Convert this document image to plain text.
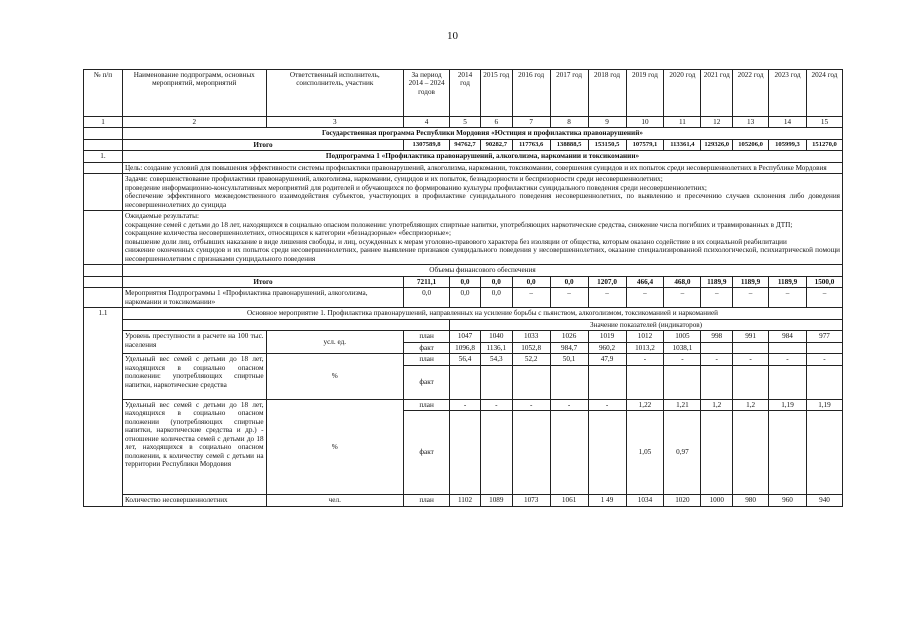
10
№ п/п	Наименование подпрограмм, основных мероприятий, мероприятий	Ответственный исполнитель, соисполнитель, участник	За период 2014 – 2024 годов	2014 год	2015 год	2016 год	2017 год	2018 год	2019 год	2020 год	2021 год	2022 год	2023 год	2024 год
1	2	3	4	5	6	7	8	9	10	11	12	13	14	15
	Государственная программа Республики Мордовия «Юстиция и профилактика правонарушений»													
	Итого		1307589,8	94762,7	90282,7	117763,6	138888,5	153150,5	107579,1	113361,4	129326,0	105206,0	105999,3	151270,0
1.	Подпрограмма 1 «Профилактика правонарушений, алкоголизма, наркомании и токсикомании»													
	Цель: создание условий для повышения эффективности системы профилактики правонарушений, алкоголизма, наркомании, токсикомании, совершения суицидов и их попыток среди несовершеннолетних в Республике Мордовия													

	Задачи: совершенствование профилактики правонарушений, алкоголизма, наркомании, суицидов и их попыток, безнадзорности и беспризорности среди несовершеннолетних;
проведение информационно-консультативных мероприятий для родителей и обучающихся по формированию культуры профилактики суицидального поведения среди несовершеннолетних;
обеспечение эффективного межведомственного взаимодействия субъектов, участвующих в профилактике суицидального поведения несовершеннолетних, по выявлению и пресечению случаев склонения либо доведения несовершеннолетних до суицида													

	Ожидаемые результаты:
сокращение семей с детьми до 18 лет, находящихся в социально опасном положении: употребляющих спиртные напитки, употребляющих наркотические средства, снижение числа погибших и травмированных в ДТП;
сокращение количества несовершеннолетних, относящихся к категории «безнадзорные» «беспризорные»;
повышение доли лиц, отбывших наказание в виде лишения свободы, и лиц, осужденных к мерам уголовно-правового характера без изоляции от общества, которым оказано содействие в их социальной реабилитации
снижение оконченных суицидов и их попыток среди несовершеннолетних, раннее выявление признаков суицидального поведения у несовершеннолетних, оказание специализированной психологической, психиатрической помощи несовершеннолетним с признаками суицидального поведения													

	Объемы финансового обеспечения													
	Итого		7211,1	0,0	0,0	0,0	0,0	1207,0	466,4	468,0	1189,9	1189,9	1189,9	1500,0
	Мероприятия Подпрограммы 1 «Профилактика правонарушений, алкоголизма, наркомании и токсикомании»		0,0	0,0	0,0	–	–	–	–	–	–	–	–	–
1.1	Основное мероприятие 1. Профилактика правонарушений, направленных на усиление борьбы с пьянством, алкоголизмом, токсикоманией и наркоманией													
				Значение показателей (индикаторов)										
	Уровень преступности в расчете на 100 тыс. населения	усл. ед.	план	1047	1040	1033	1026	1019	1012	1005	998	991	984	977
			факт	1096,8	1136,1	1052,8	984,7	960,2	1013,2	1038,1				
	Удельный вес семей с детьми до 18 лет, находящихся в социально опасном положении: употребляющих спиртные напитки, наркотические средства	%	план	56,4	54,3	52,2	50,1	47,9	-	-	-	-	-	-
			факт											
	Удельный вес семей с детьми до 18 лет, находящихся в социально опасном положении (употребляющих спиртные напитки, наркотические средства и др.) - отношение количества семей с детьми до 18 лет, находящихся в социально опасном положении, к количеству семей с детьми на территории Республики Мордовия	%	план	-	-	-	-	-	1,22	1,21	1,2	1,2	1,19	1,19
			факт						1,05	0,97				
	Количество несовершеннолетних	чел.	план	1102	1089	1073	1061	1 49	1034	1020	1000	980	960	940
